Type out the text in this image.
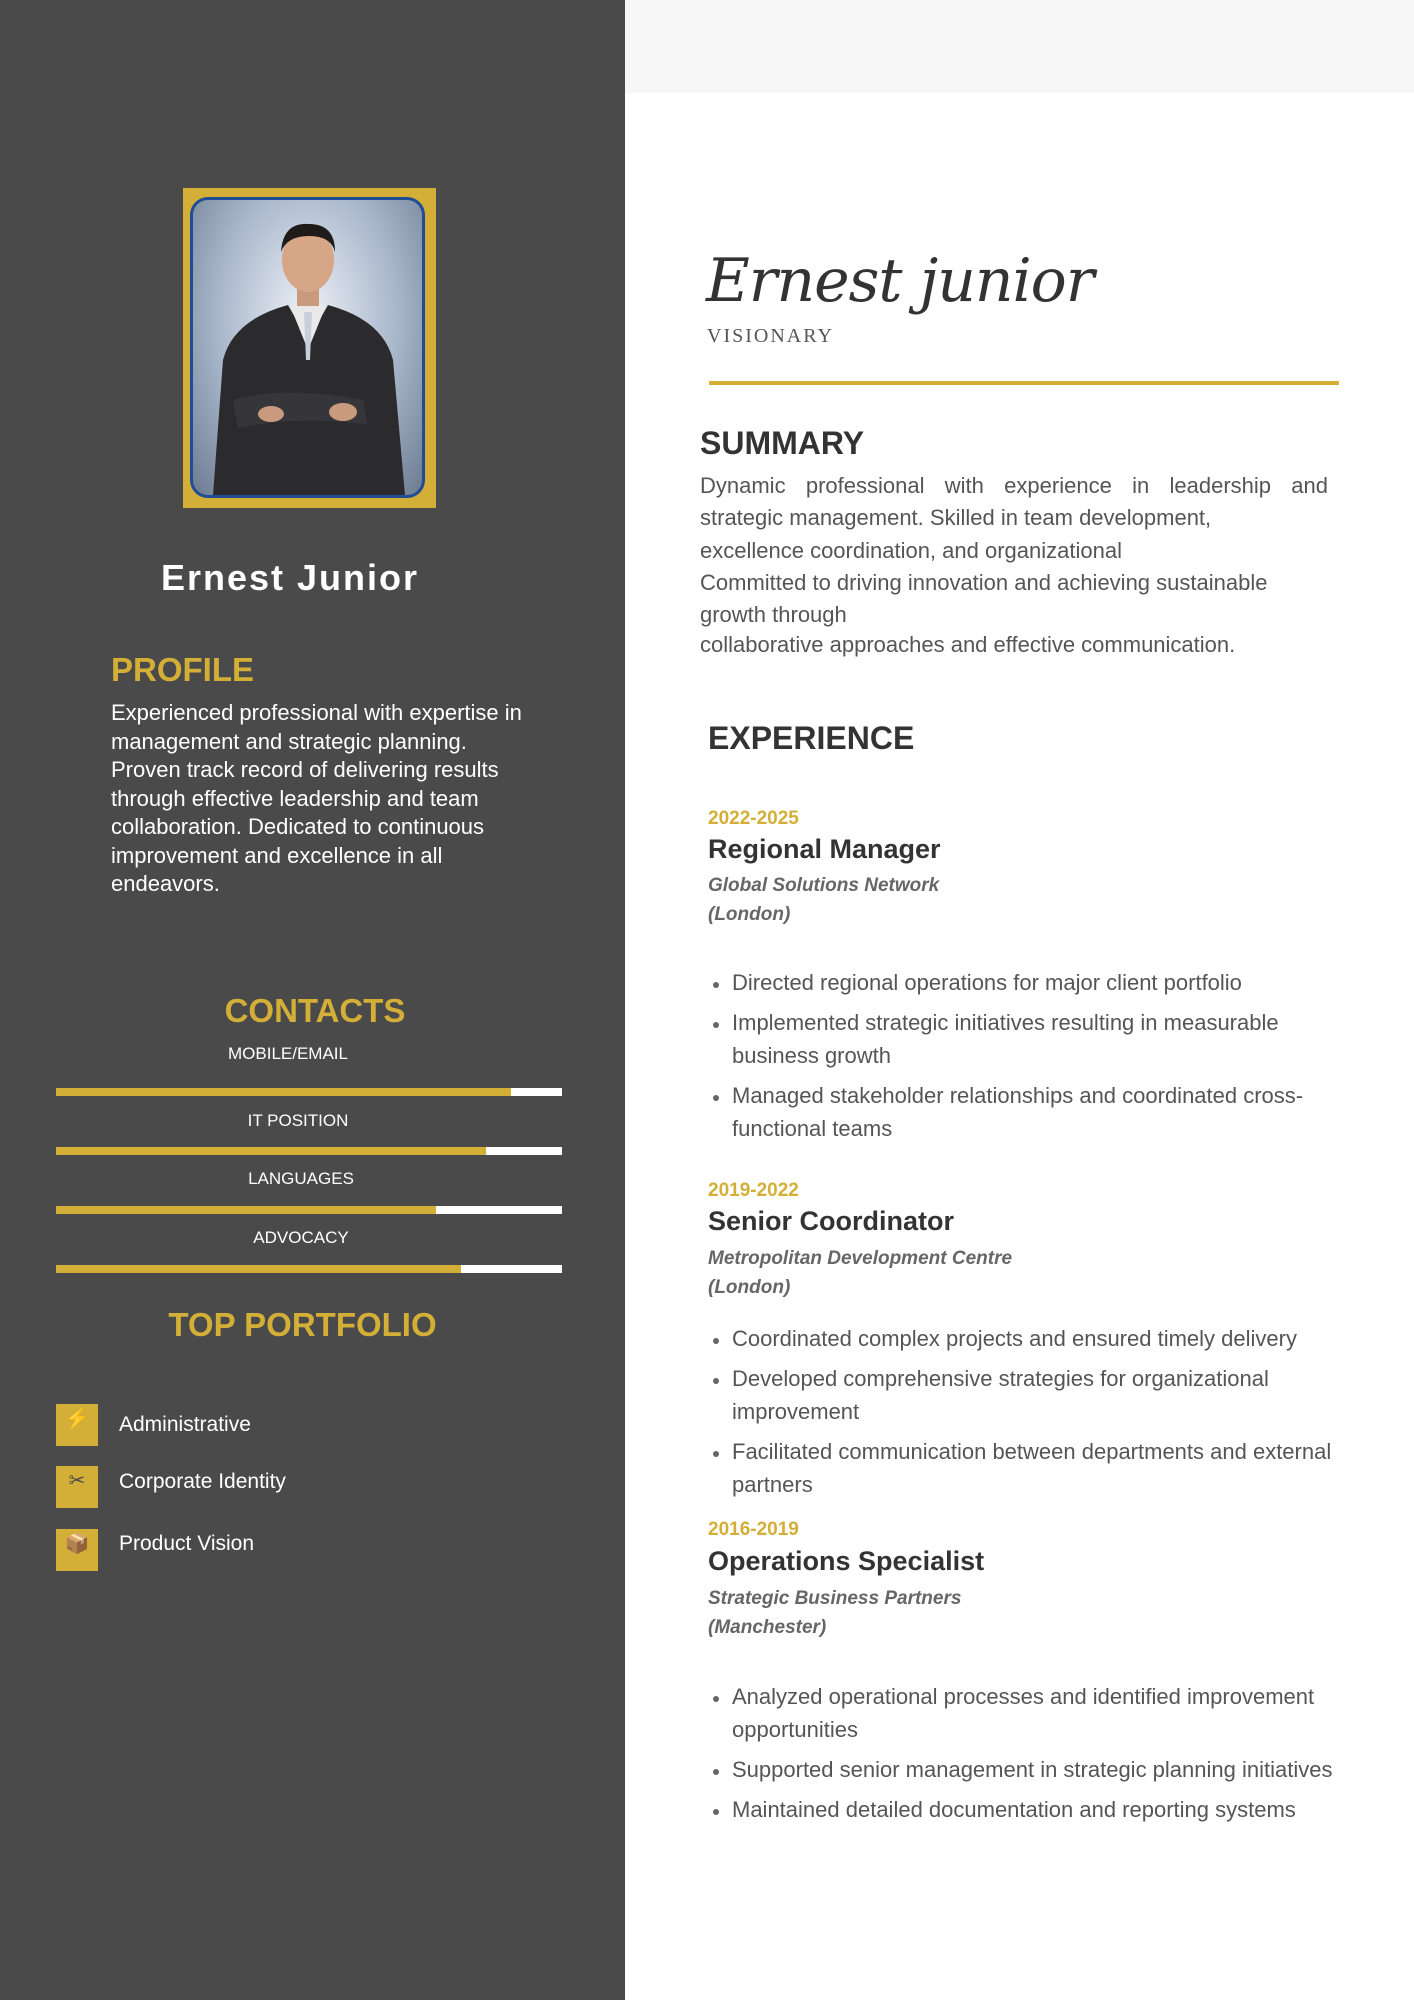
Ernest Junior
PROFILE
Experienced professional with expertise in management and strategic planning. Proven track record of delivering results through effective leadership and team collaboration. Dedicated to continuous improvement and excellence in all endeavors.
CONTACTS
MOBILE/EMAIL
IT POSITION
LANGUAGES
ADVOCACY
TOP PORTFOLIO
⚡	Administrative
✂	Corporate Identity
📦	Product Vision
Ernest junior
VISIONARY
SUMMARY
Dynamic professional with experience in leadership and
strategic management. Skilled in team development,
excellence coordination, and organizational
Committed to driving innovation and achieving sustainable
growth through
collaborative approaches and effective communication.
EXPERIENCE
2022-2025
Regional Manager
Global Solutions Network
(London)
Directed regional operations for major client portfolio
Implemented strategic initiatives resulting in measurable business growth
Managed stakeholder relationships and coordinated cross-functional teams
2019-2022
Senior Coordinator
Metropolitan Development Centre
(London)
Coordinated complex projects and ensured timely delivery
Developed comprehensive strategies for organizational improvement
Facilitated communication between departments and external partners
2016-2019
Operations Specialist
Strategic Business Partners
(Manchester)
Analyzed operational processes and identified improvement opportunities
Supported senior management in strategic planning initiatives
Maintained detailed documentation and reporting systems
